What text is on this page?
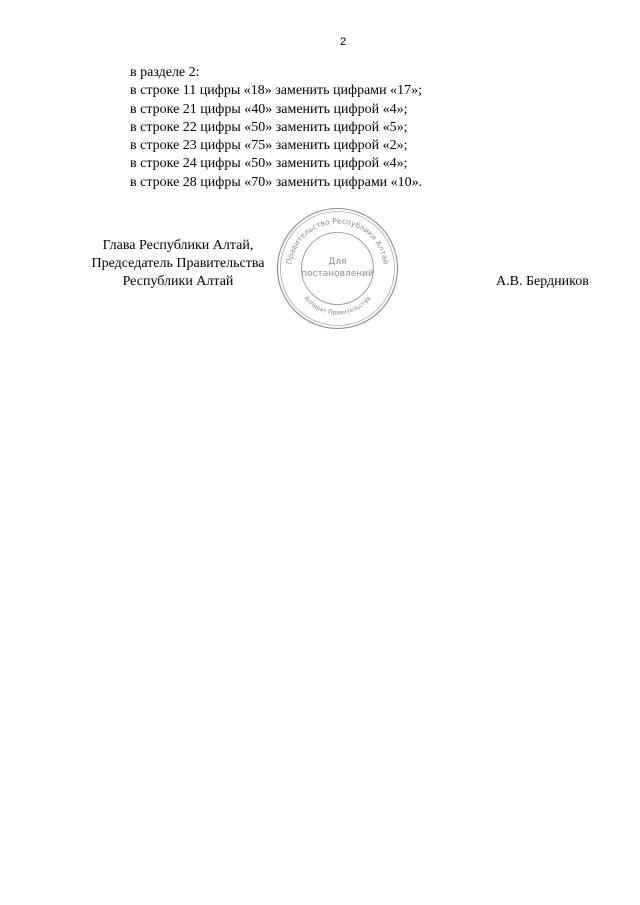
2
в разделе 2:
в строке 11 цифры «18» заменить цифрами «17»;
в строке 21 цифры «40» заменить цифрой «4»;
в строке 22 цифры «50» заменить цифрой «5»;
в строке 23 цифры «75» заменить цифрой «2»;
в строке 24 цифры «50» заменить цифрой «4»;
в строке 28 цифры «70» заменить цифрами «10».
Правительство Республики Алтай
Аппарат Правительства
Для
постановлений
Глава Республики Алтай,
Председатель Правительства
Республики Алтай	А.В. Бердников
